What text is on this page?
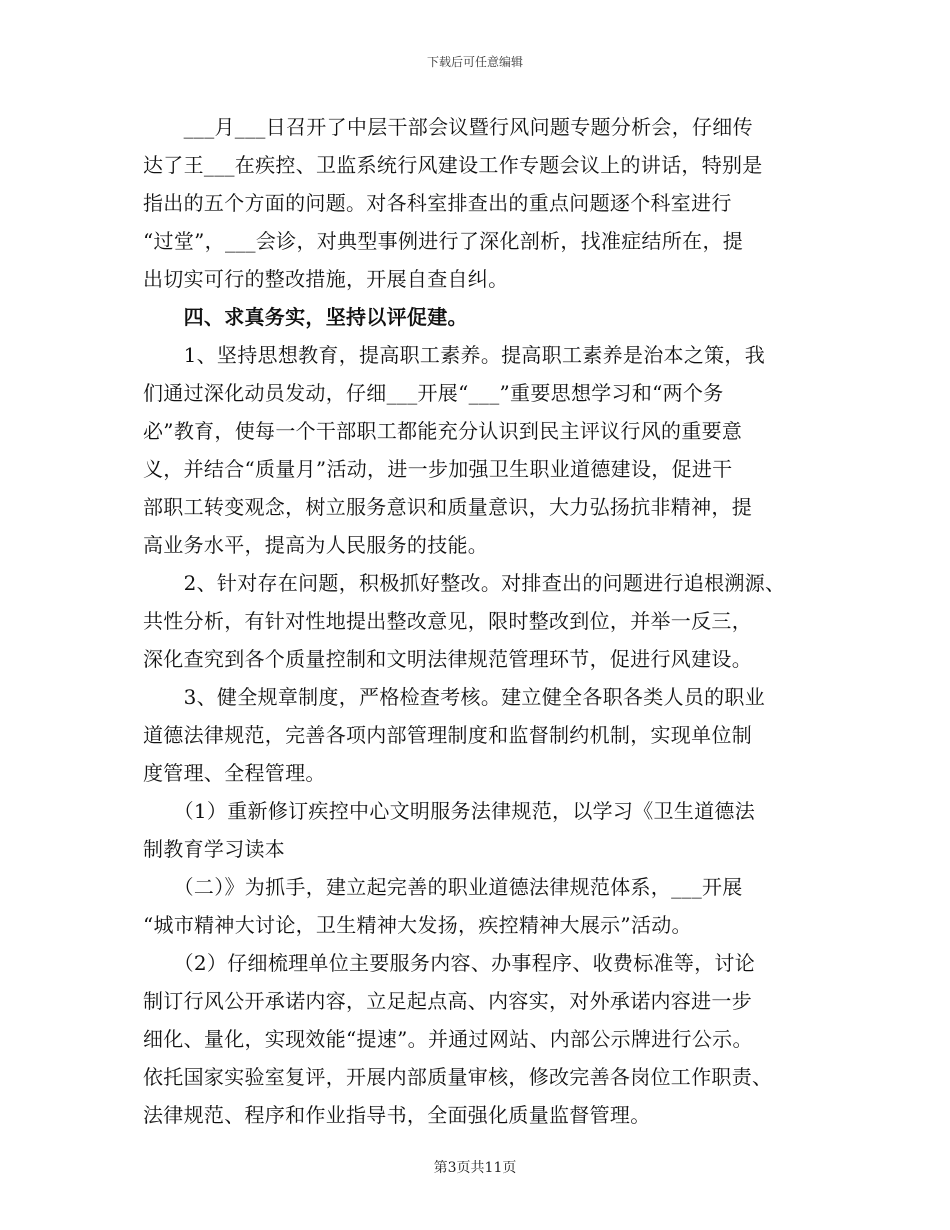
下载后可任意编辑
　　___月___日召开了中层干部会议暨行风问题专题分析会，仔细传
达了王___在疾控、卫监系统行风建设工作专题会议上的讲话，特别是
指出的五个方面的问题。对各科室排查出的重点问题逐个科室进行
“过堂”，___会诊，对典型事例进行了深化剖析，找准症结所在，提
出切实可行的整改措施，开展自查自纠。
　　四、求真务实，坚持以评促建。
　　1、坚持思想教育，提高职工素养。提高职工素养是治本之策，我
们通过深化动员发动，仔细___开展“___”重要思想学习和“两个务
必”教育，使每一个干部职工都能充分认识到民主评议行风的重要意
义，并结合“质量月”活动，进一步加强卫生职业道德建设，促进干
部职工转变观念，树立服务意识和质量意识，大力弘扬抗非精神，提
高业务水平，提高为人民服务的技能。
　　2、针对存在问题，积极抓好整改。对排查出的问题进行追根溯源、
共性分析，有针对性地提出整改意见，限时整改到位，并举一反三，
深化查究到各个质量控制和文明法律规范管理环节，促进行风建设。
　　3、健全规章制度，严格检查考核。建立健全各职各类人员的职业
道德法律规范，完善各项内部管理制度和监督制约机制，实现单位制
度管理、全程管理。
　　（1）重新修订疾控中心文明服务法律规范，以学习《卫生道德法
制教育学习读本
　　（二）》为抓手，建立起完善的职业道德法律规范体系，___开展
“城市精神大讨论，卫生精神大发扬，疾控精神大展示”活动。
　　（2）仔细梳理单位主要服务内容、办事程序、收费标准等，讨论
制订行风公开承诺内容，立足起点高、内容实，对外承诺内容进一步
细化、量化，实现效能“提速”。并通过网站、内部公示牌进行公示。
依托国家实验室复评，开展内部质量审核，修改完善各岗位工作职责、
法律规范、程序和作业指导书，全面强化质量监督管理。
第3页共11页
